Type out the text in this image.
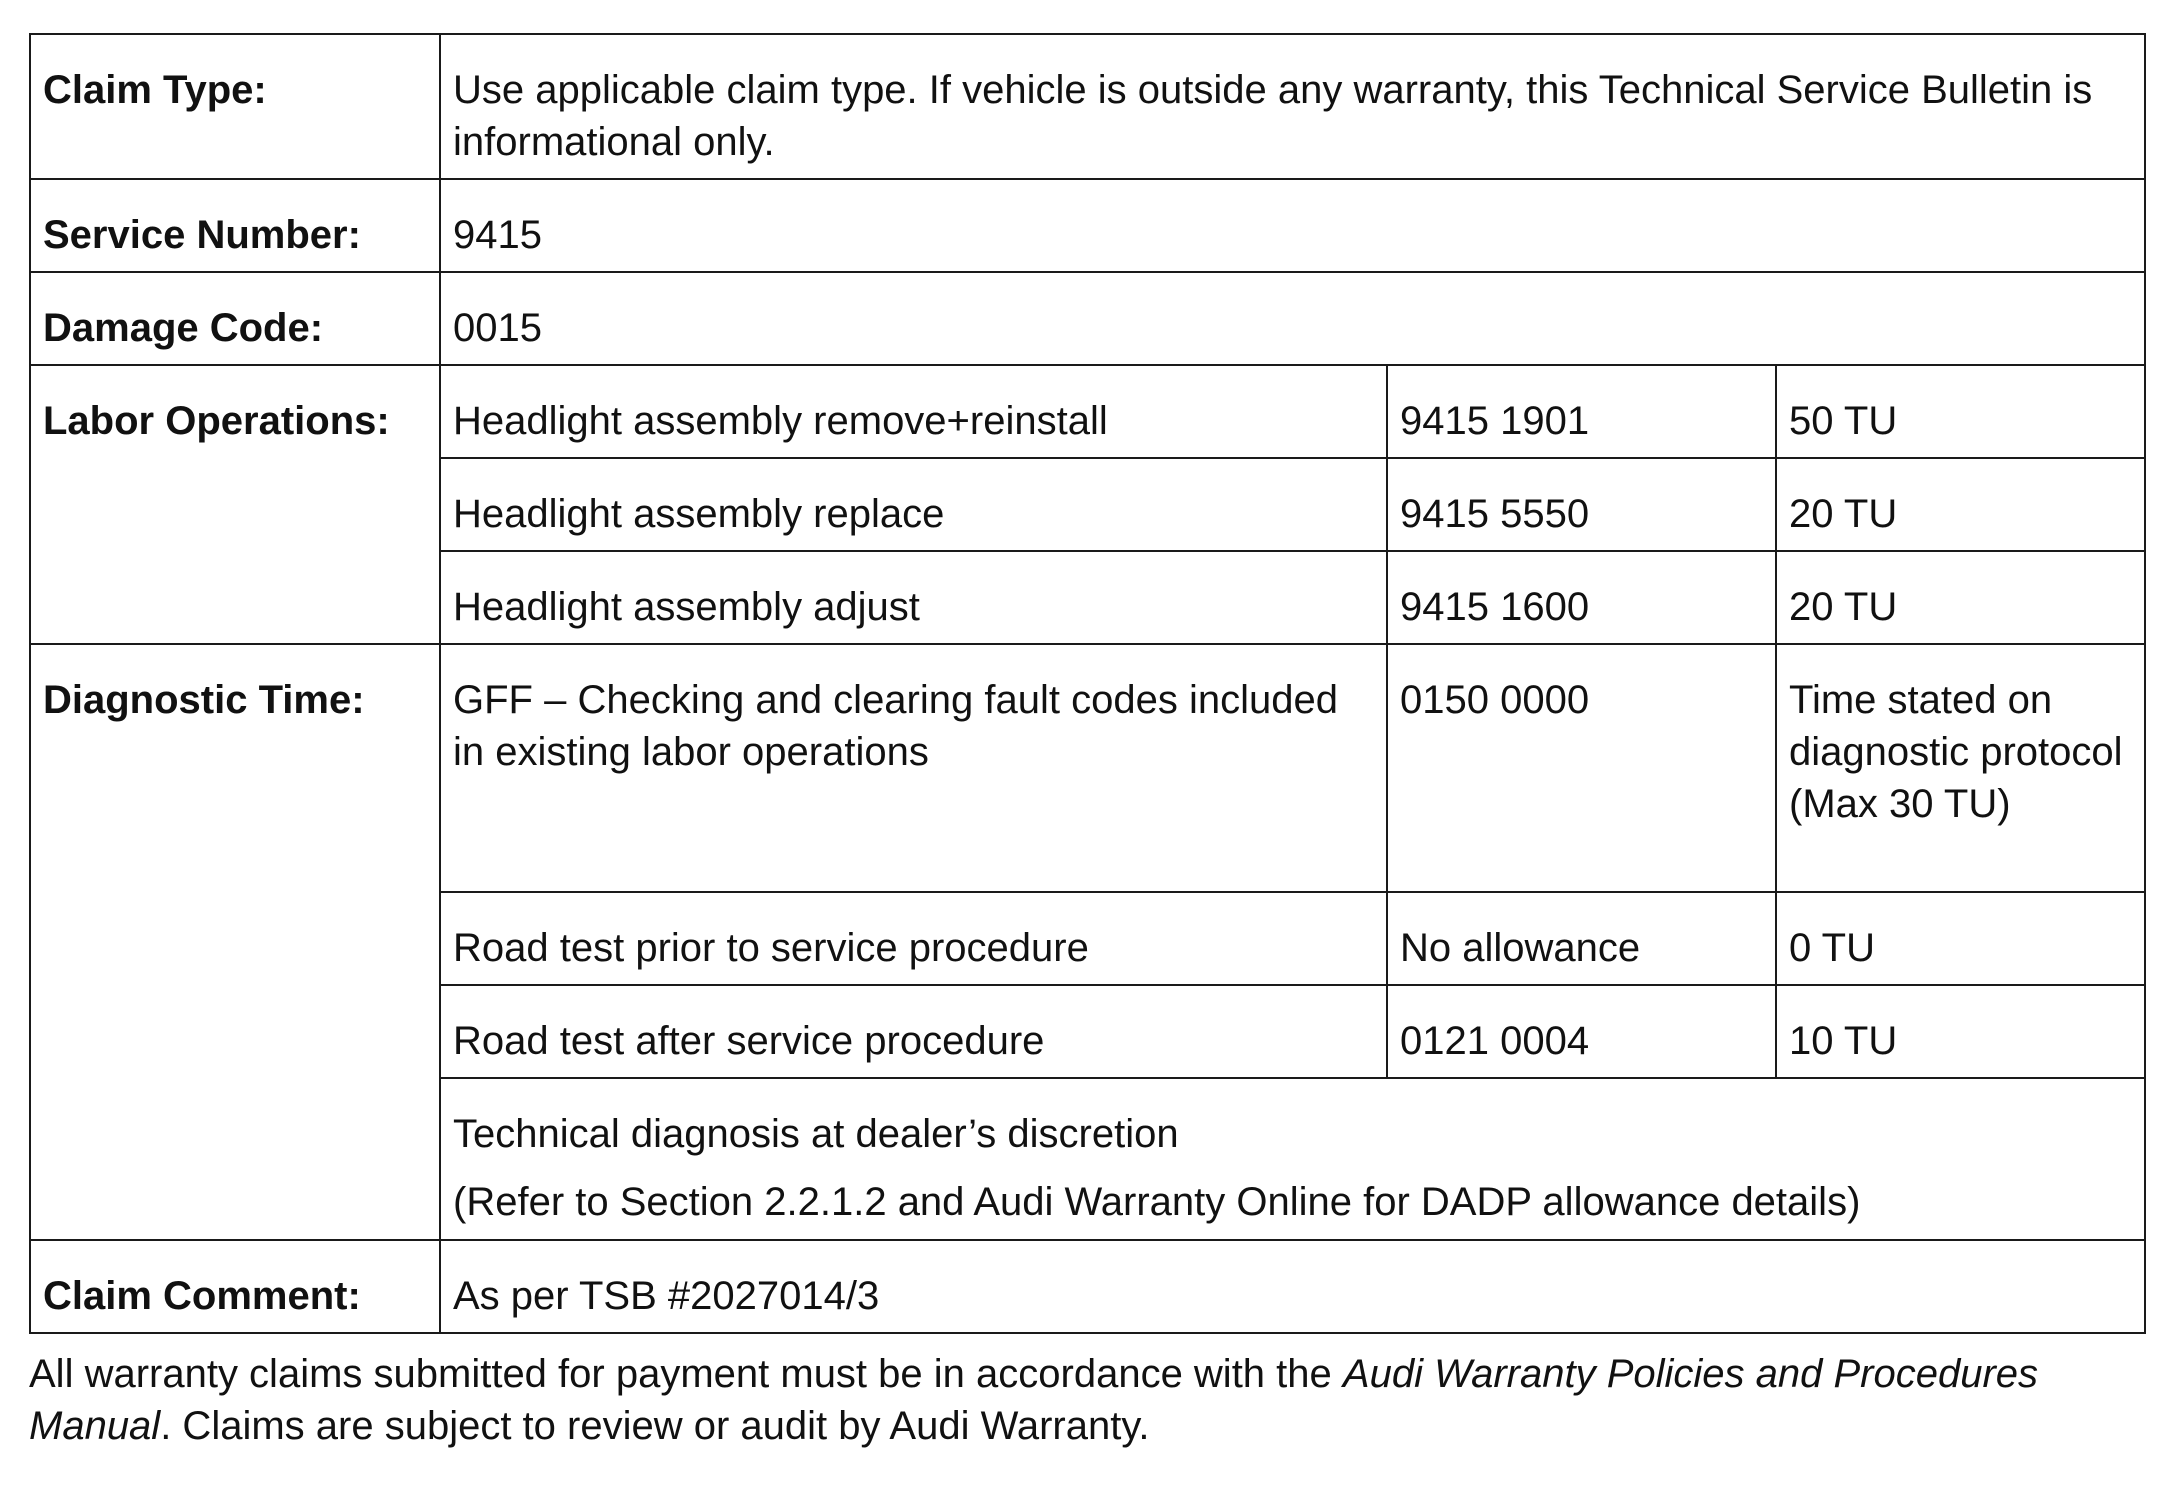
Claim Type:	Use applicable claim type. If vehicle is outside any warranty, this Technical Service Bulletin is informational only.		
Service Number:	9415		
Damage Code:	0015		
Labor Operations:	Headlight assembly remove+reinstall	9415 1901	50 TU
	Headlight assembly replace	9415 5550	20 TU
	Headlight assembly adjust	9415 1600	20 TU
Diagnostic Time:	GFF – Checking and clearing fault codes included in existing labor operations	0150 0000	Time stated on diagnostic protocol (Max 30 TU)
	Road test prior to service procedure	No allowance	0 TU
	Road test after service procedure	0121 0004	10 TU

	Technical diagnosis at dealer’s discretion
(Refer to Section 2.2.1.2 and Audi Warranty Online for DADP allowance details)		

Claim Comment:	As per TSB #2027014/3		

All warranty claims submitted for payment must be in accordance with the Audi Warranty Policies and Procedures Manual. Claims are subject to review or audit by Audi Warranty.
